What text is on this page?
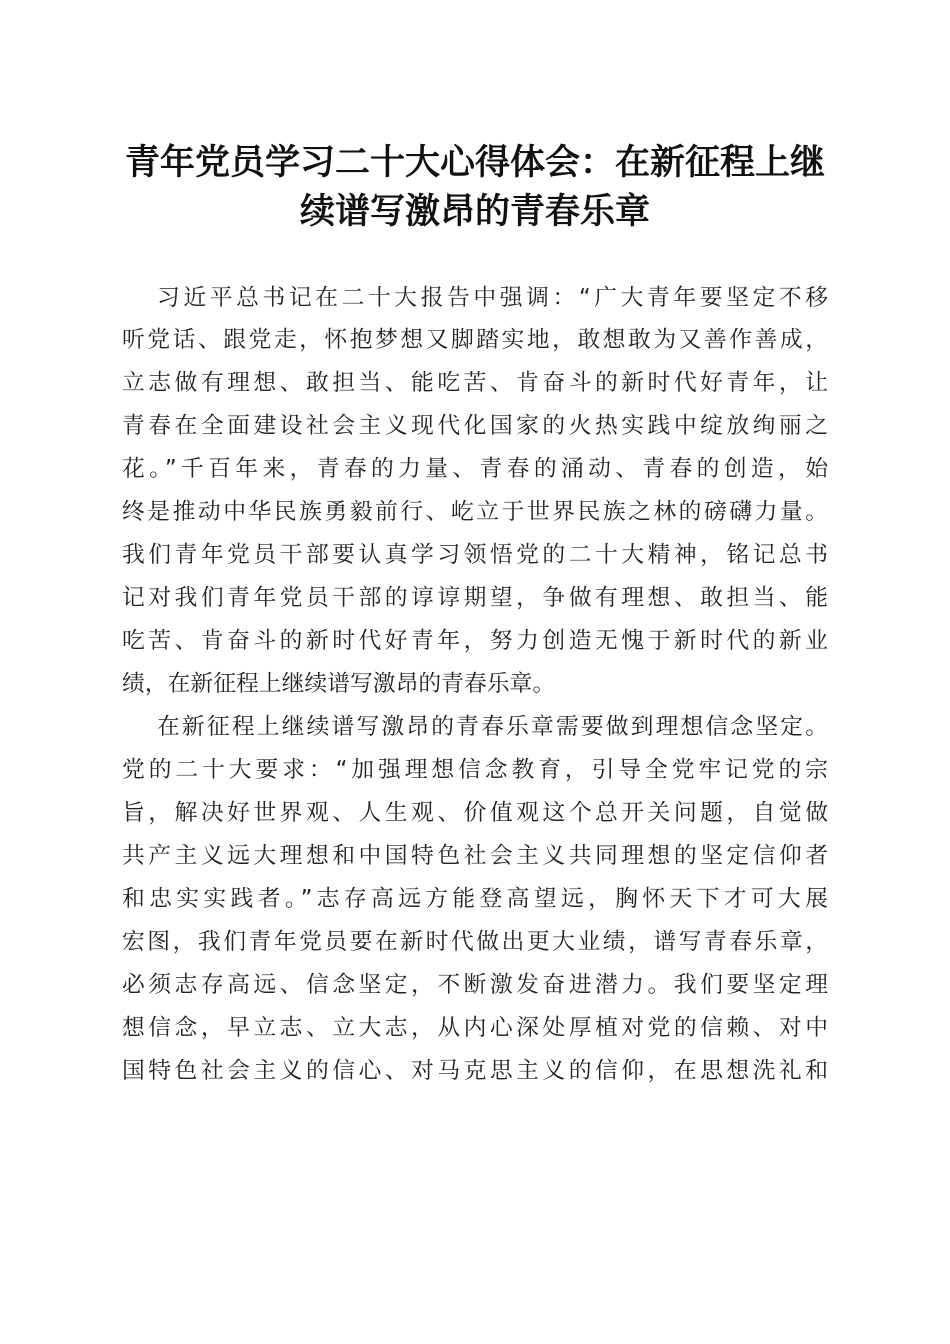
青年党员学习二十大心得体会：在新征程上继
续谱写激昂的青春乐章
习近平总书记在二十大报告中强调：“广大青年要坚定不移
听党话、跟党走，怀抱梦想又脚踏实地，敢想敢为又善作善成，
立志做有理想、敢担当、能吃苦、肯奋斗的新时代好青年，让
青春在全面建设社会主义现代化国家的火热实践中绽放绚丽之
花。”千百年来，青春的力量、青春的涌动、青春的创造，始
终是推动中华民族勇毅前行、屹立于世界民族之林的磅礴力量。
我们青年党员干部要认真学习领悟党的二十大精神，铭记总书
记对我们青年党员干部的谆谆期望，争做有理想、敢担当、能
吃苦、肯奋斗的新时代好青年，努力创造无愧于新时代的新业
绩，在新征程上继续谱写激昂的青春乐章。
在新征程上继续谱写激昂的青春乐章需要做到理想信念坚定。
党的二十大要求：“加强理想信念教育，引导全党牢记党的宗
旨，解决好世界观、人生观、价值观这个总开关问题，自觉做
共产主义远大理想和中国特色社会主义共同理想的坚定信仰者
和忠实实践者。”志存高远方能登高望远，胸怀天下才可大展
宏图，我们青年党员要在新时代做出更大业绩，谱写青春乐章，
必须志存高远、信念坚定，不断激发奋进潜力。我们要坚定理
想信念，早立志、立大志，从内心深处厚植对党的信赖、对中
国特色社会主义的信心、对马克思主义的信仰，在思想洗礼和
